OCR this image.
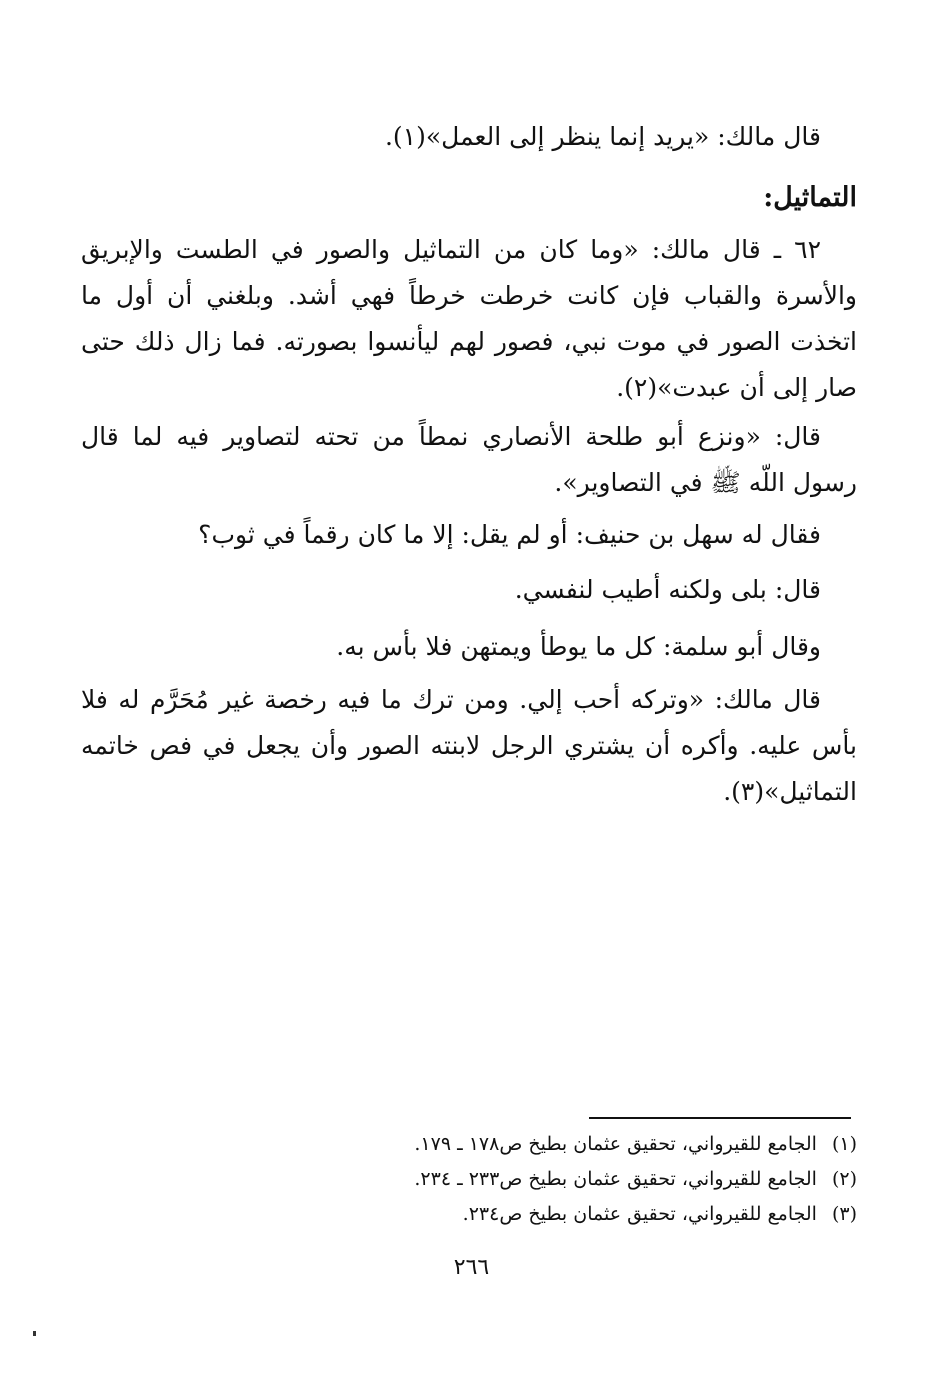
قال مالك: «يريد إنما ينظر إلى العمل»(١).

التماثيل:

٦٢ ـ قال مالك: «وما كان من التماثيل والصور في الطست والإبريق والأسرة والقباب فإن كانت خرطت خرطاً فهي أشد. وبلغني أن أول ما اتخذت الصور في موت نبي، فصور لهم ليأنسوا بصورته. فما زال ذلك حتى صار إلى أن عبدت»(٢).

قال: «ونزع أبو طلحة الأنصاري نمطاً من تحته لتصاوير فيه لما قال رسول اللّه ﷺ في التصاوير».

فقال له سهل بن حنيف: أو لم يقل: إلا ما كان رقماً في ثوب؟

قال: بلى ولكنه أطيب لنفسي.

وقال أبو سلمة: كل ما يوطأ ويمتهن فلا بأس به.

قال مالك: «وتركه أحب إلي. ومن ترك ما فيه رخصة غير مُحَرَّم له فلا بأس عليه. وأكره أن يشتري الرجل لابنته الصور وأن يجعل في فص خاتمه التماثيل»(٣).

(١) الجامع للقيرواني، تحقيق عثمان بطيخ ص١٧٨ ـ ١٧٩.
(٢) الجامع للقيرواني، تحقيق عثمان بطيخ ص٢٣٣ ـ ٢٣٤.
(٣) الجامع للقيرواني، تحقيق عثمان بطيخ ص٢٣٤.
٢٦٦
